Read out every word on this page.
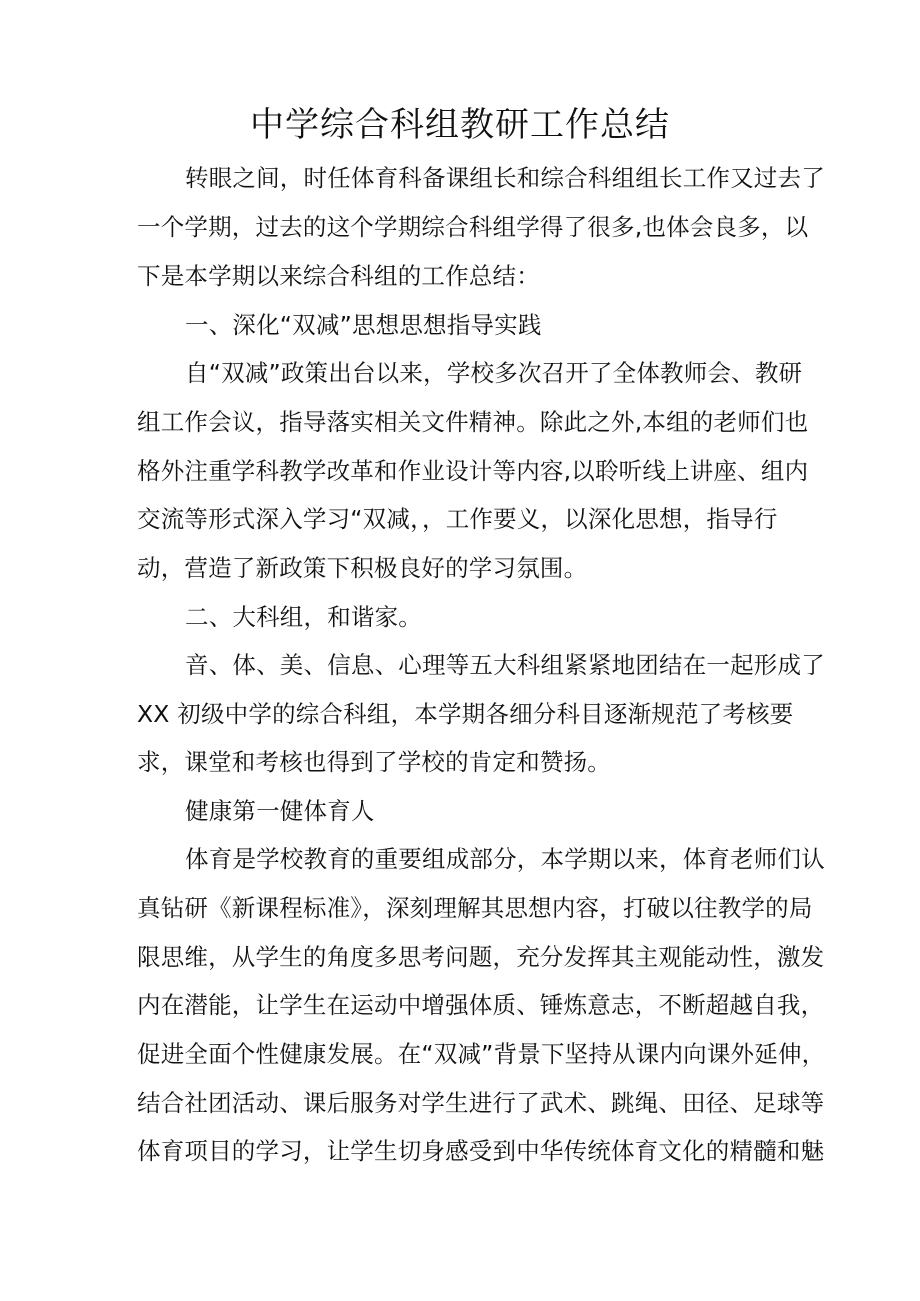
中学综合科组教研工作总结
转眼之间，时任体育科备课组长和综合科组组长工作又过去了
一个学期，过去的这个学期综合科组学得了很多,也体会良多，以
下是本学期以来综合科组的工作总结：
一、深化“双减”思想思想指导实践
自“双减”政策出台以来，学校多次召开了全体教师会、教研
组工作会议，指导落实相关文件精神。除此之外,本组的老师们也
格外注重学科教学改革和作业设计等内容,以聆听线上讲座、组内
交流等形式深入学习“双减，，工作要义，以深化思想，指导行
动，营造了新政策下积极良好的学习氛围。
二、大科组，和谐家。
音、体、美、信息、心理等五大科组紧紧地团结在一起形成了
XX 初级中学的综合科组，本学期各细分科目逐渐规范了考核要
求，课堂和考核也得到了学校的肯定和赞扬。
健康第一健体育人
体育是学校教育的重要组成部分，本学期以来，体育老师们认
真钻研《新课程标准》，深刻理解其思想内容，打破以往教学的局
限思维，从学生的角度多思考问题，充分发挥其主观能动性，激发
内在潜能，让学生在运动中增强体质、锤炼意志，不断超越自我，
促进全面个性健康发展。在“双减”背景下坚持从课内向课外延伸，
结合社团活动、课后服务对学生进行了武术、跳绳、田径、足球等
体育项目的学习，让学生切身感受到中华传统体育文化的精髓和魅
